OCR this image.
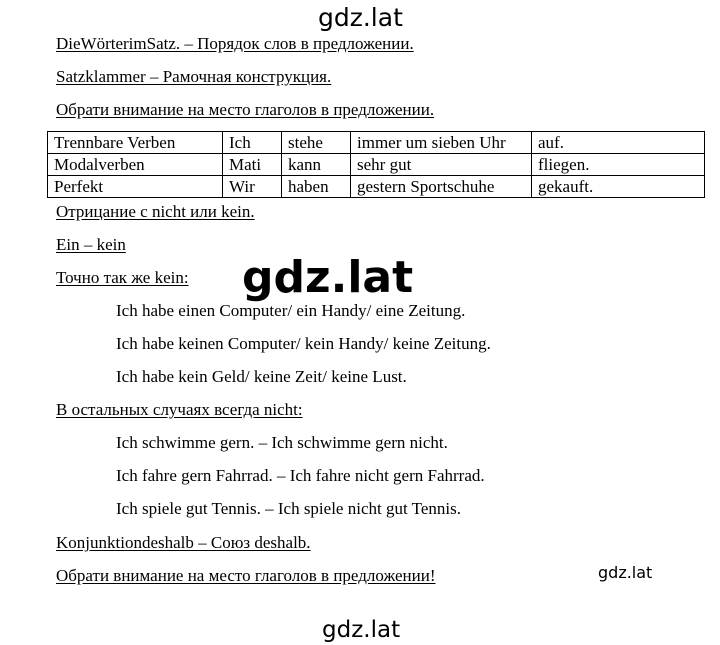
gdz.lat
DieWörterimSatz. – Порядок слов в предложении.
Satzklammer – Рамочная конструкция.
Обрати внимание на место глаголов в предложении.
Trennbare Verben	Ich	stehe	immer um sieben Uhr	auf.
Modalverben	Mati	kann	sehr gut	fliegen.
Perfekt	Wir	haben	gestern Sportschuhe	gekauft.
Отрицание с nicht или kein.
Ein – kein
Точно так же kein:
Ich habe einen Computer/ ein Handy/ eine Zeitung.
Ich habe keinen Computer/ kein Handy/ keine Zeitung.
Ich habe kein Geld/ keine Zeit/ keine Lust.
В остальных случаях всегда nicht:
Ich schwimme gern. – Ich schwimme gern nicht.
Ich fahre gern Fahrrad. – Ich fahre nicht gern Fahrrad.
Ich spiele gut Tennis. – Ich spiele nicht gut Tennis.
Konjunktiondeshalb – Союз deshalb.
Обрати внимание на место глаголов в предложении!
gdz.lat
gdz.lat
gdz.lat
